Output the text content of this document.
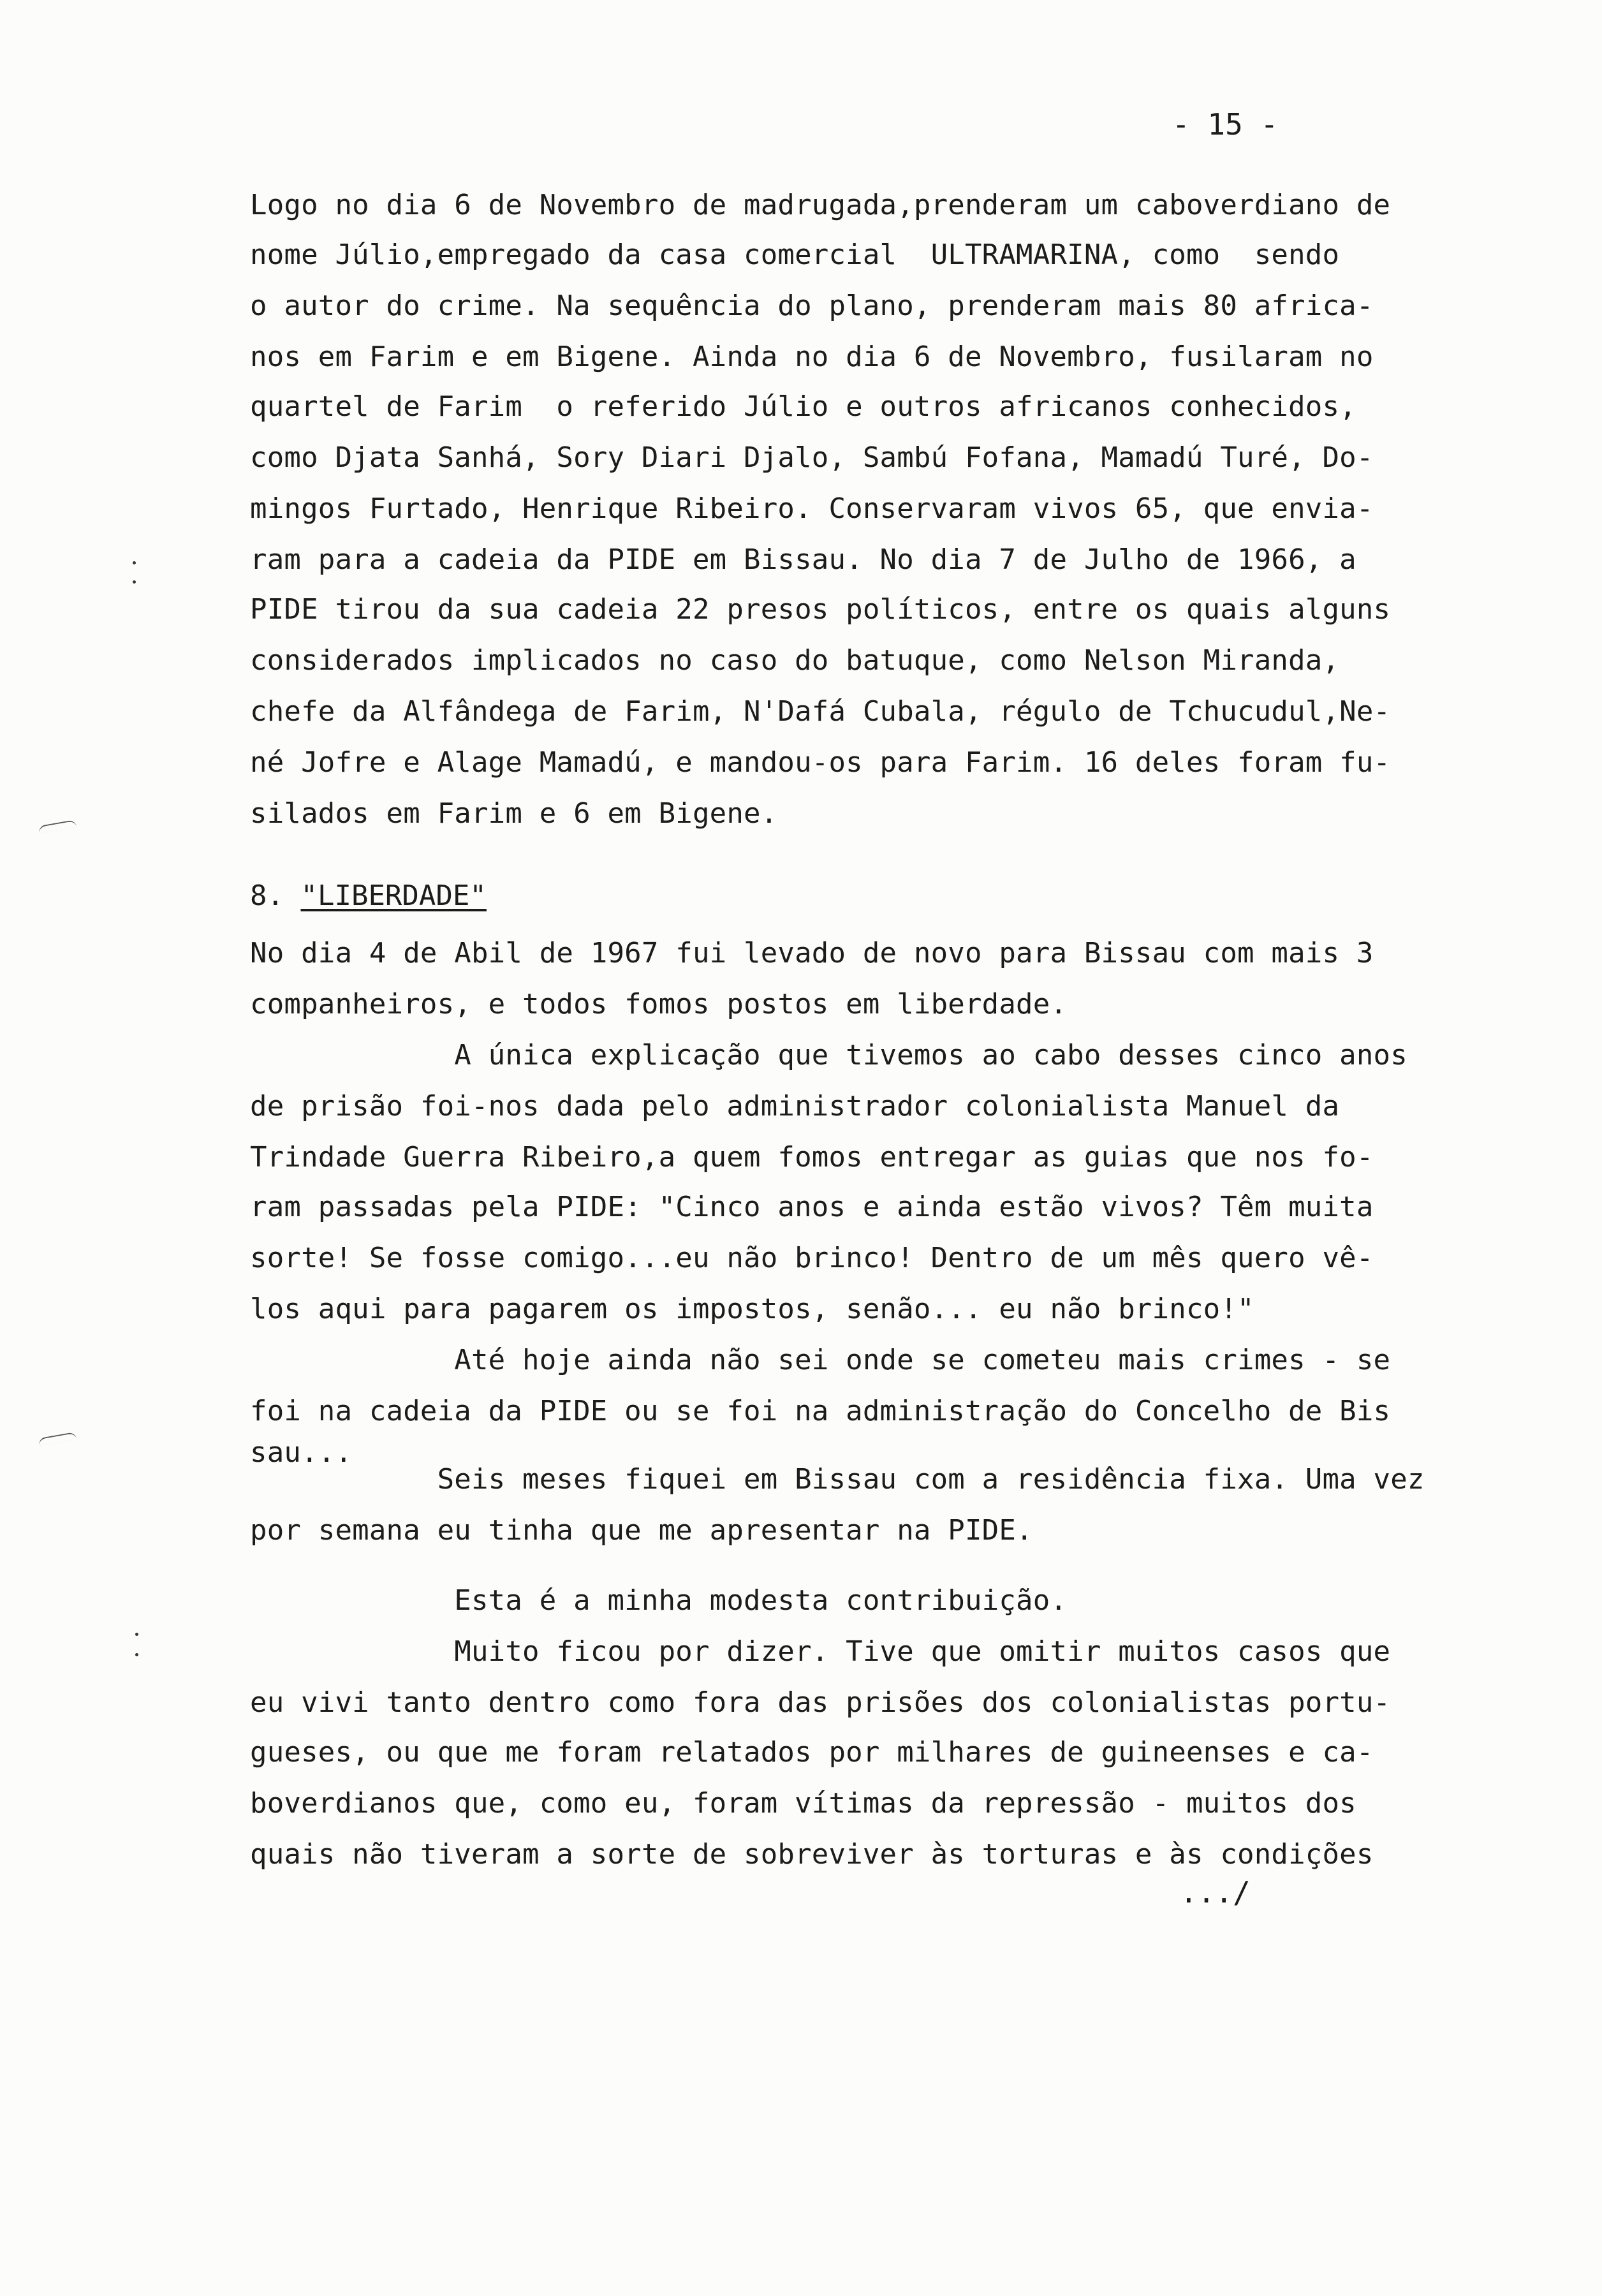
- 15 -
Logo no dia 6 de Novembro de madrugada,prenderam um caboverdiano de
nome Júlio,empregado da casa comercial  ULTRAMARINA, como  sendo
o autor do crime. Na sequência do plano, prenderam mais 80 africa-
nos em Farim e em Bigene. Ainda no dia 6 de Novembro, fusilaram no
quartel de Farim  o referido Júlio e outros africanos conhecidos,
como Djata Sanhá, Sory Diari Djalo, Sambú Fofana, Mamadú Turé, Do-
mingos Furtado, Henrique Ribeiro. Conservaram vivos 65, que envia-
ram para a cadeia da PIDE em Bissau. No dia 7 de Julho de 1966, a
PIDE tirou da sua cadeia 22 presos políticos, entre os quais alguns
considerados implicados no caso do batuque, como Nelson Miranda,
chefe da Alfândega de Farim, N'Dafá Cubala, régulo de Tchucudul,Ne-
né Jofre e Alage Mamadú, e mandou-os para Farim. 16 deles foram fu-
silados em Farim e 6 em Bigene.
8. "LIBERDADE"
No dia 4 de Abil de 1967 fui levado de novo para Bissau com mais 3
companheiros, e todos fomos postos em liberdade.
A única explicação que tivemos ao cabo desses cinco anos
de prisão foi-nos dada pelo administrador colonialista Manuel da
Trindade Guerra Ribeiro,a quem fomos entregar as guias que nos fo-
ram passadas pela PIDE: "Cinco anos e ainda estão vivos? Têm muita
sorte! Se fosse comigo...eu não brinco! Dentro de um mês quero vê-
los aqui para pagarem os impostos, senão... eu não brinco!"
Até hoje ainda não sei onde se cometeu mais crimes - se
foi na cadeia da PIDE ou se foi na administração do Concelho de Bis
sau...
Seis meses fiquei em Bissau com a residência fixa. Uma vez
por semana eu tinha que me apresentar na PIDE.
Esta é a minha modesta contribuição.
Muito ficou por dizer. Tive que omitir muitos casos que
eu vivi tanto dentro como fora das prisões dos colonialistas portu-
gueses, ou que me foram relatados por milhares de guineenses e ca-
boverdianos que, como eu, foram vítimas da repressão - muitos dos
quais não tiveram a sorte de sobreviver às torturas e às condições
.../
